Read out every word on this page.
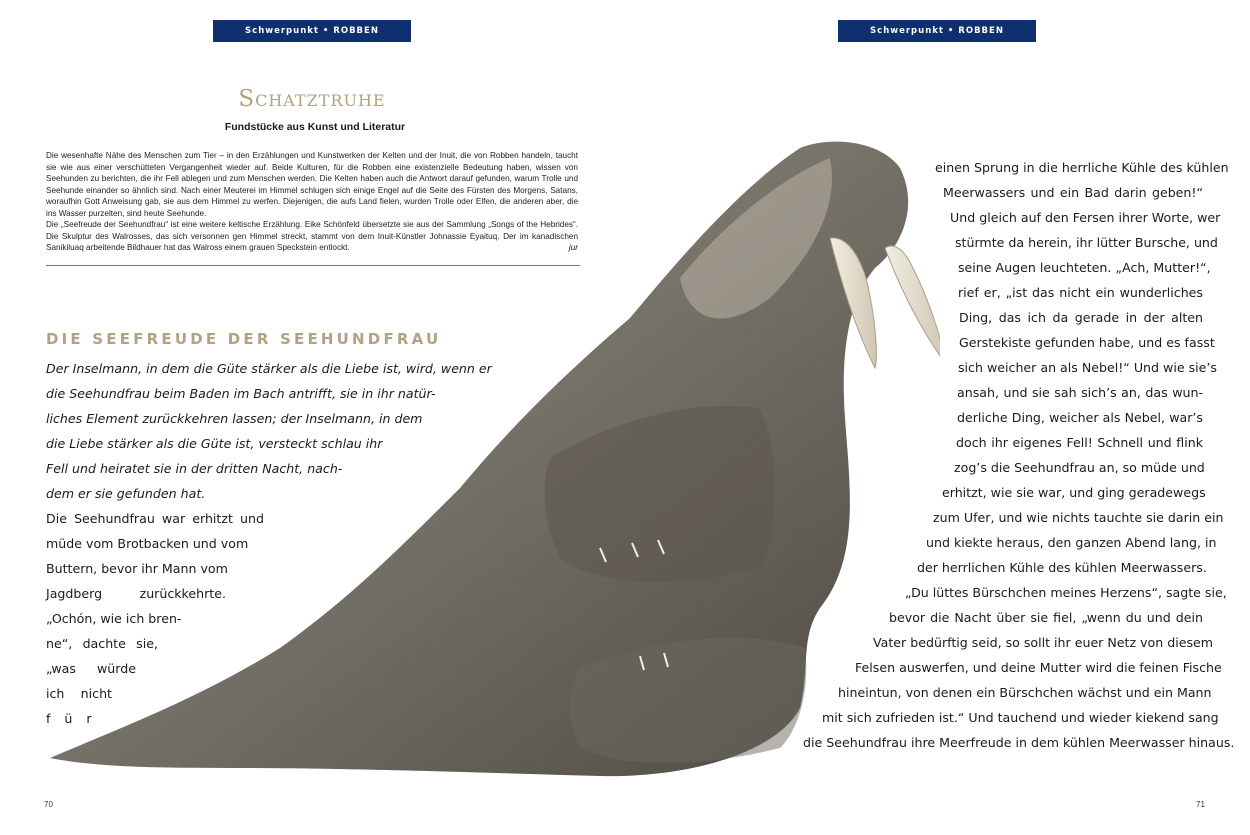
Schwerpunkt • ROBBEN	Schwerpunkt • ROBBEN
Schatztruhe
Fundstücke aus Kunst und Literatur

Die wesenhafte Nähe des Menschen zum Tier – in den Erzählungen und Kunstwerken der Kelten und der Inuit, die von Robben handeln, taucht sie wie aus einer verschütteten Vergangenheit wieder auf. Beide Kulturen, für die Robben eine existenzielle Bedeutung haben, wissen von Seehunden zu berichten, die ihr Fell ablegen und zum Menschen werden. Die Kelten haben auch die Antwort darauf gefunden, warum Trolle und Seehunde einander so ähnlich sind. Nach einer Meuterei im Himmel schlugen sich einige Engel auf die Seite des Fürsten des Morgens, Satans, woraufhin Gott Anweisung gab, sie aus dem Himmel zu werfen. Diejenigen, die aufs Land fielen, wurden Trolle oder Elfen, die anderen aber, die ins Wasser purzelten, sind heute Seehunde.

Die „Seefreude der Seehundfrau“ ist eine weitere keltische Erzählung. Eike Schönfeld übersetzte sie aus der Sammlung „Songs of the Hebrides“. Die Skulptur des Walrosses, das sich versonnen gen Himmel streckt, stammt von dem Inuit-Künstler Johnassie Eyaituq. Der im kanadischen Sanikiluaq arbeitende Bildhauer hat das Walross einem grauen Speckstein entlockt.	jur

DIE SEEFREUDE DER SEEHUNDFRAU
Der Inselmann, in dem die Güte stärker als die Liebe ist, wird, wenn er
die Seehundfrau beim Baden im Bach antrifft, sie in ihr natür-
liches Element zurückkehren lassen; der Inselmann, in dem
die Liebe stärker als die Güte ist, versteckt schlau ihr
Fell und heiratet sie in der dritten Nacht, nach-
dem er sie gefunden hat.
Die Seehundfrau war erhitzt und
müde vom Brotbacken und vom
Buttern, bevor ihr Mann vom
Jagdberg zurückkehrte.
„Ochón, wie ich bren-
ne“, dachte sie,
„was würde
ich nicht
für
einen Sprung in die herrliche Kühle des kühlen
Meerwassers und ein Bad darin geben!“
Und gleich auf den Fersen ihrer Worte, wer
stürmte da herein, ihr lütter Bursche, und
seine Augen leuchteten. „Ach, Mutter!“,
rief er, „ist das nicht ein wunderliches
Ding, das ich da gerade in der alten
Gerstekiste gefunden habe, und es fasst
sich weicher an als Nebel!“ Und wie sie’s
ansah, und sie sah sich’s an, das wun-
derliche Ding, weicher als Nebel, war’s
doch ihr eigenes Fell! Schnell und flink
zog’s die Seehundfrau an, so müde und
erhitzt, wie sie war, und ging geradewegs
zum Ufer, und wie nichts tauchte sie darin ein
und kiekte heraus, den ganzen Abend lang, in
der herrlichen Kühle des kühlen Meerwassers.
„Du lüttes Bürschchen meines Herzens“, sagte sie,
bevor die Nacht über sie fiel, „wenn du und dein
Vater bedürftig seid, so sollt ihr euer Netz von diesem
Felsen auswerfen, und deine Mutter wird die feinen Fische
hineintun, von denen ein Bürschchen wächst und ein Mann
mit sich zufrieden ist.“ Und tauchend und wieder kiekend sang
die Seehundfrau ihre Meerfreude in dem kühlen Meerwasser hinaus.
70	71
